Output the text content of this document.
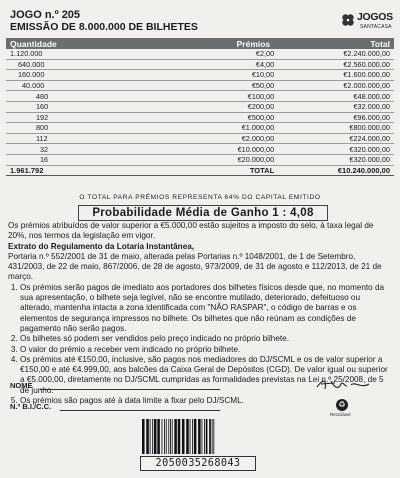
JOGO n.º 205
EMISSÃO DE 8.000.000 DE BILHETES
JOGOS
SANTACASA
Quantidade	Prémios	Total
1.120.000	€2,00	€2.240.000,00
640.000	€4,00	€2.560.000,00
160.000	€10,00	€1.600.000,00
40.000	€50,00	€2.000.000,00
480	€100,00	€48.000,00
160	€200,00	€32.000,00
192	€500,00	€96.000,00
800	€1.000,00	€800.000,00
112	€2.000,00	€224.000,00
32	€10.000,00	€320.000,00
16	€20.000,00	€320.000,00
1.961.792	TOTAL	€10.240.000,00
O TOTAL PARA PRÉMIOS REPRESENTA 64% DO CAPITAL EMITIDO
Probabilidade Média de Ganho 1 : 4,08

Os prémios atribuídos de valor superior a €5.000,00 estão sujeitos a imposto do selo, à taxa legal de 20%, nos termos da legislação em vigor.

Extrato do Regulamento da Lotaria Instantânea,

Portaria n.º 552/2001 de 31 de maio, alterada pelas Portarias n.º 1048/2001, de 1 de Setembro, 431/2003, de 22 de maio, 867/2006, de 28 de agosto, 973/2009, de 31 de agosto e 112/2013, de 21 de março.

1. Os prémios serão pagos de imediato aos portadores dos bilhetes físicos desde que, no momento da sua apresentação, o bilhete seja legível, não se encontre mutilado, deteriorado, defeituoso ou alterado, mantenha intacta a zona identificada com "NÃO RASPAR", o código de barras e os elementos de segurança impressos no bilhete. Os bilhetes que não reúnam as condições de pagamento não serão pagos.
2. Os bilhetes só podem ser vendidos pelo preço indicado no próprio bilhete.
3. O valor do prémio a receber vem indicado no próprio bilhete.
4. Os prémios até €150,00, inclusive, são pagos nos mediadores do DJ/SCML e os de valor superior a €150,00 e até €4.999,00, aos balcões da Caixa Geral de Depósitos (CGD). De valor igual ou superior a €5.000,00, diretamente no DJ/SCML cumpridas as formalidades previstas na Lei n.º 25/2008, de 5 de junho.
5. Os prémios são pagos até à data limite a fixar pelo DJ/SCML.
NOME
N.º B.I./C.C.	♻
Reciclável
2050035268043
